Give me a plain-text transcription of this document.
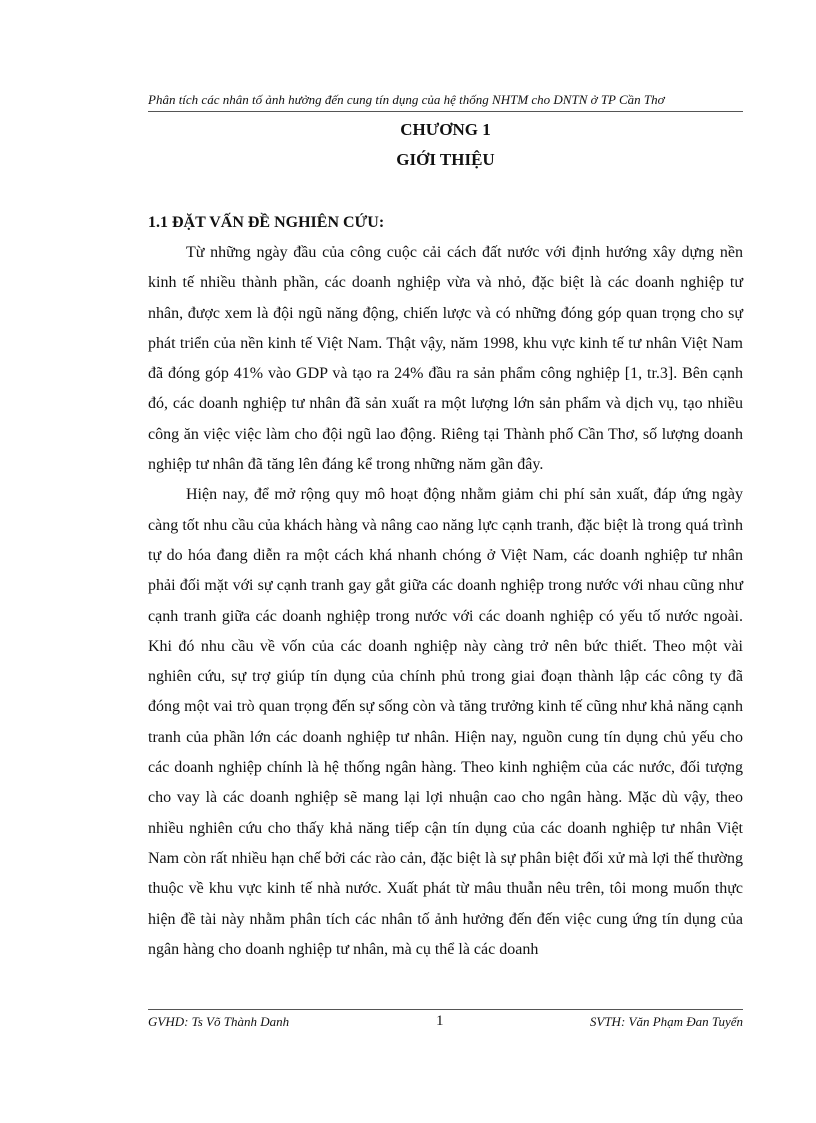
Phân tích các nhân tố ảnh hưởng đến cung tín dụng của hệ thống NHTM cho DNTN ở TP Cần Thơ
CHƯƠNG 1
GIỚI THIỆU
1.1 ĐẶT VẤN ĐỀ NGHIÊN CỨU:

Từ những ngày đầu của công cuộc cải cách đất nước với định hướng xây dựng nền kinh tế nhiều thành phần, các doanh nghiệp vừa và nhỏ, đặc biệt là các doanh nghiệp tư nhân, được xem là đội ngũ năng động, chiến lược và có những đóng góp quan trọng cho sự phát triển của nền kinh tế Việt Nam. Thật vậy, năm 1998, khu vực kinh tế tư nhân Việt Nam đã đóng góp 41% vào GDP và tạo ra 24% đầu ra sản phẩm công nghiệp [1, tr.3]. Bên cạnh đó, các doanh nghiệp tư nhân đã sản xuất ra một lượng lớn sản phẩm và dịch vụ, tạo nhiều công ăn việc việc làm cho đội ngũ lao động. Riêng tại Thành phố Cần Thơ, số lượng doanh nghiệp tư nhân đã tăng lên đáng kể trong những năm gần đây.

Hiện nay, để mở rộng quy mô hoạt động nhằm giảm chi phí sản xuất, đáp ứng ngày càng tốt nhu cầu của khách hàng và nâng cao năng lực cạnh tranh, đặc biệt là trong quá trình tự do hóa đang diễn ra một cách khá nhanh chóng ở Việt Nam, các doanh nghiệp tư nhân phải đối mặt với sự cạnh tranh gay gắt giữa các doanh nghiệp trong nước với nhau cũng như cạnh tranh giữa các doanh nghiệp trong nước với các doanh nghiệp có yếu tố nước ngoài. Khi đó nhu cầu về vốn của các doanh nghiệp này càng trở nên bức thiết. Theo một vài nghiên cứu, sự trợ giúp tín dụng của chính phủ trong giai đoạn thành lập các công ty đã đóng một vai trò quan trọng đến sự sống còn và tăng trưởng kinh tế cũng như khả năng cạnh tranh của phần lớn các doanh nghiệp tư nhân. Hiện nay, nguồn cung tín dụng chủ yếu cho các doanh nghiệp chính là hệ thống ngân hàng. Theo kinh nghiệm của các nước, đối tượng cho vay là các doanh nghiệp sẽ mang lại lợi nhuận cao cho ngân hàng. Mặc dù vậy, theo nhiều nghiên cứu cho thấy khả năng tiếp cận tín dụng của các doanh nghiệp tư nhân Việt Nam còn rất nhiều hạn chế bởi các rào cản, đặc biệt là sự phân biệt đối xử mà lợi thế thường thuộc về khu vực kinh tế nhà nước. Xuất phát từ mâu thuẫn nêu trên, tôi mong muốn thực hiện đề tài này nhằm phân tích các nhân tố ảnh hưởng đến đến việc cung ứng tín dụng của ngân hàng cho doanh nghiệp tư nhân, mà cụ thể là các doanh

GVHD: Ts Võ Thành Danh	1	SVTH: Văn Phạm Đan Tuyến
